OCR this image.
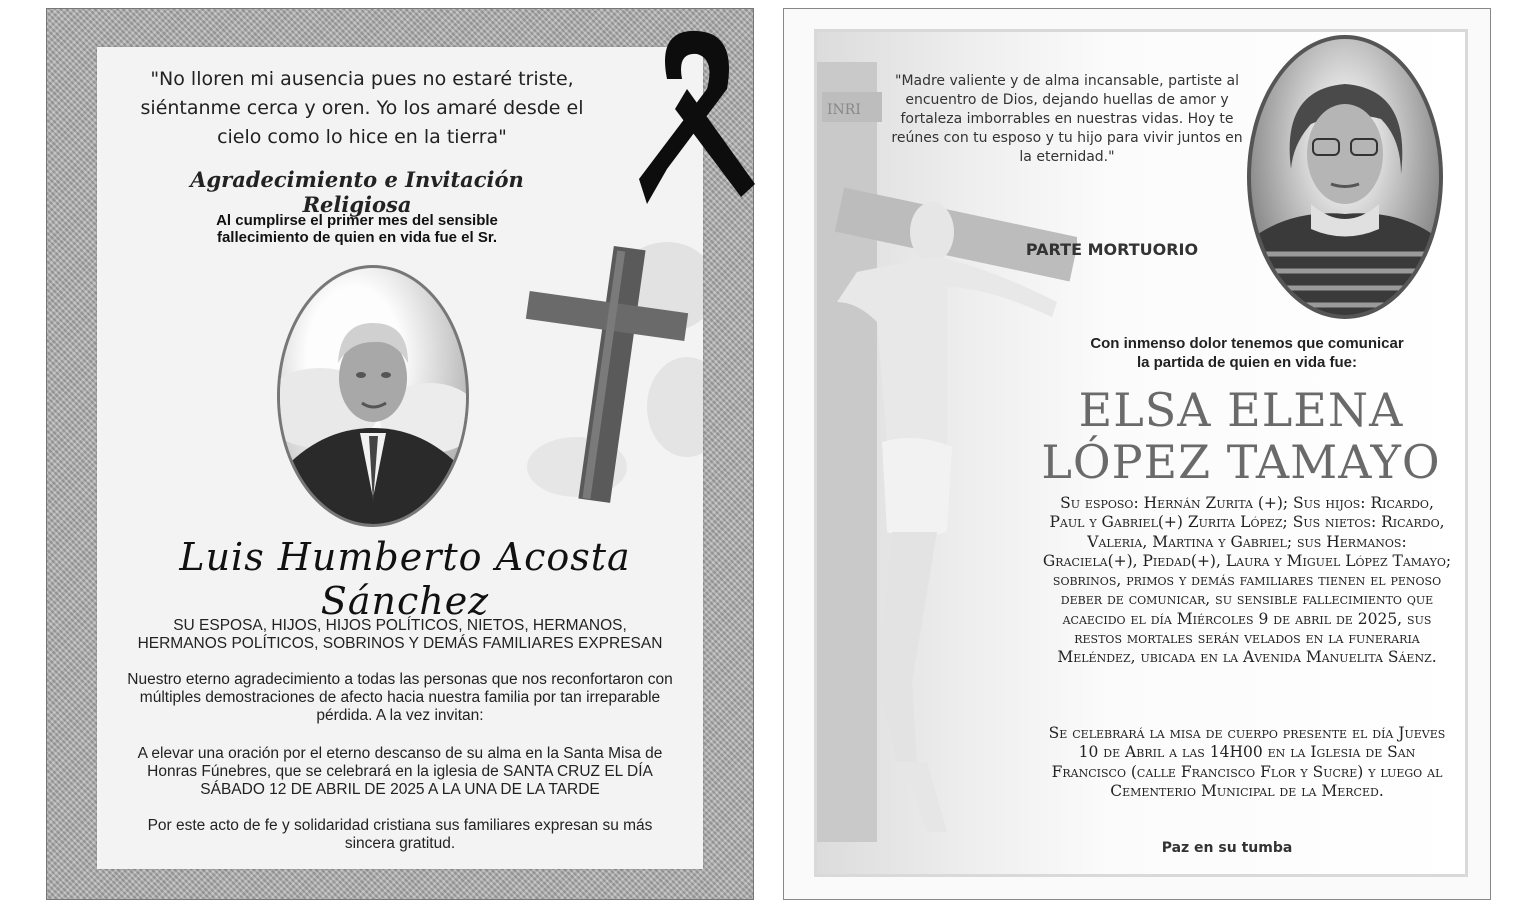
"No lloren mi ausencia pues no estaré triste, siéntanme cerca y oren. Yo los amaré desde el cielo como lo hice en la tierra"
Agradecimiento e Invitación Religiosa
Al cumplirse el primer mes del sensible fallecimiento de quien en vida fue el Sr.
Luis Humberto Acosta Sánchez
SU ESPOSA, HIJOS, HIJOS POLÍTICOS, NIETOS, HERMANOS, HERMANOS POLÍTICOS, SOBRINOS Y DEMÁS FAMILIARES EXPRESAN
Nuestro eterno agradecimiento a todas las personas que nos reconfortaron con múltiples demostraciones de afecto hacia nuestra familia por tan irreparable pérdida. A la vez invitan:
A elevar una oración por el eterno descanso de su alma en la Santa Misa de Honras Fúnebres, que se celebrará en la iglesia de SANTA CRUZ EL DÍA SÁBADO 12 DE ABRIL DE 2025 A LA UNA DE LA TARDE
Por este acto de fe y solidaridad cristiana sus familiares expresan su más sincera gratitud.
INRI
"Madre valiente y de alma incansable, partiste al encuentro de Dios, dejando huellas de amor y fortaleza imborrables en nuestras vidas. Hoy te reúnes con tu esposo y tu hijo para vivir juntos en la eternidad."
PARTE MORTUORIO
Con inmenso dolor tenemos que comunicar la partida de quien en vida fue:
ELSA ELENA
LÓPEZ TAMAYO
Su esposo: Hernán Zurita (+); Sus hijos: Ricardo, Paul y Gabriel(+) Zurita López; Sus nietos: Ricardo, Valeria, Martina y Gabriel; sus Hermanos: Graciela(+), Piedad(+), Laura y Miguel López Tamayo; sobrinos, primos y demás familiares tienen el penoso deber de comunicar, su sensible fallecimiento que acaecido el día Miércoles 9 de abril de 2025, sus restos mortales serán velados en la funeraria Meléndez, ubicada en la Avenida Manuelita Sáenz.
Se celebrará la misa de cuerpo presente el día Jueves 10 de Abril a las 14H00 en la Iglesia de San Francisco (calle Francisco Flor y Sucre) y luego al Cementerio Municipal de la Merced.
Paz en su tumba
